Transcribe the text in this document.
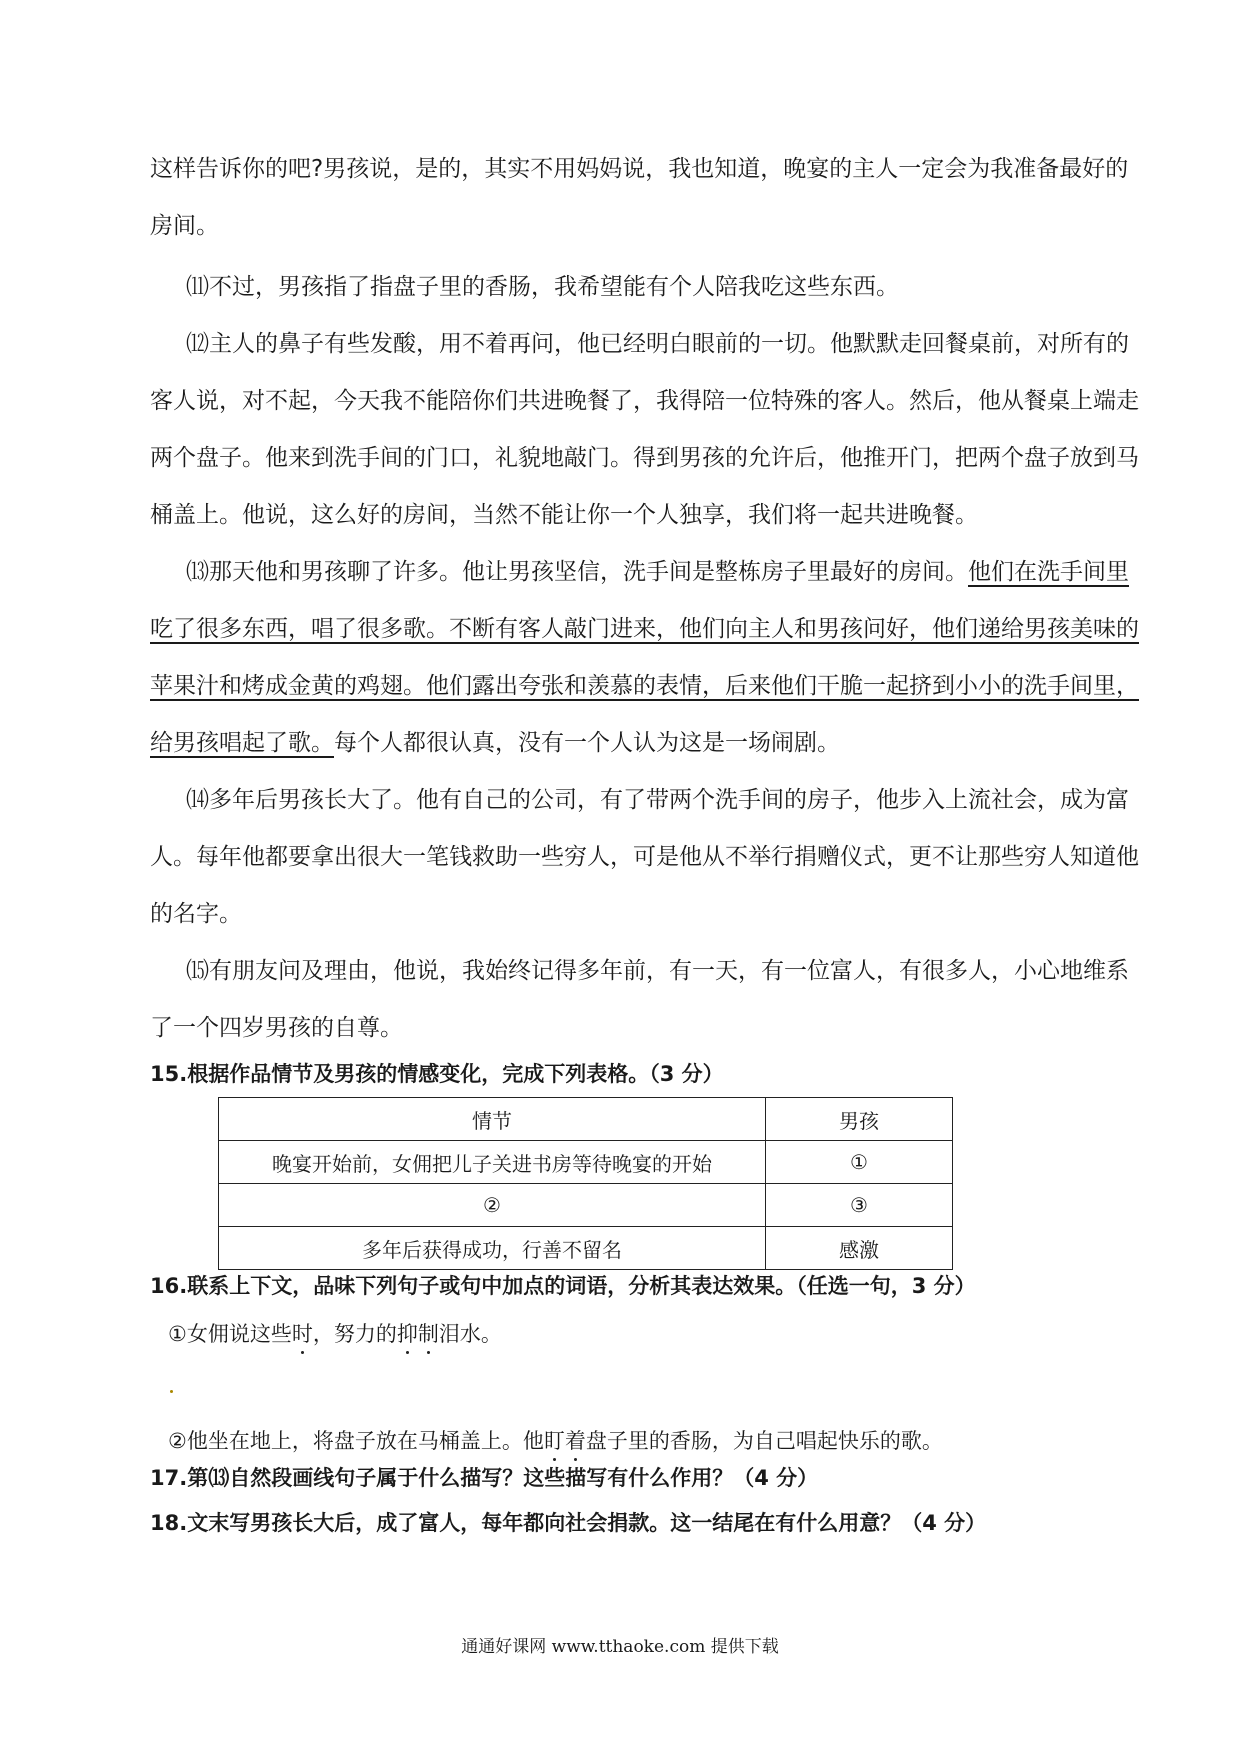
这样告诉你的吧?男孩说，是的，其实不用妈妈说，我也知道，晚宴的主人一定会为我准备最好的
房间。
⑾不过，男孩指了指盘子里的香肠，我希望能有个人陪我吃这些东西。
⑿主人的鼻子有些发酸，用不着再问，他已经明白眼前的一切。他默默走回餐桌前，对所有的
客人说，对不起，今天我不能陪你们共进晚餐了，我得陪一位特殊的客人。然后，他从餐桌上端走
两个盘子。他来到洗手间的门口，礼貌地敲门。得到男孩的允许后，他推开门，把两个盘子放到马
桶盖上。他说，这么好的房间，当然不能让你一个人独享，我们将一起共进晚餐。
⒀那天他和男孩聊了许多。他让男孩坚信，洗手间是整栋房子里最好的房间。他们在洗手间里
吃了很多东西，唱了很多歌。不断有客人敲门进来，他们向主人和男孩问好，他们递给男孩美味的
苹果汁和烤成金黄的鸡翅。他们露出夸张和羡慕的表情，后来他们干脆一起挤到小小的洗手间里，
给男孩唱起了歌。每个人都很认真，没有一个人认为这是一场闹剧。
⒁多年后男孩长大了。他有自己的公司，有了带两个洗手间的房子，他步入上流社会，成为富
人。每年他都要拿出很大一笔钱救助一些穷人，可是他从不举行捐赠仪式，更不让那些穷人知道他
的名字。
⒂有朋友问及理由，他说，我始终记得多年前，有一天，有一位富人，有很多人，小心地维系
了一个四岁男孩的自尊。

15.根据作品情节及男孩的情感变化，完成下列表格。（3 分）

情节	男孩
晚宴开始前，女佣把儿子关进书房等待晚宴的开始	①
②	③
多年后获得成功，行善不留名	感激

16.联系上下文，品味下列句子或句中加点的词语，分析其表达效果。（任选一句，3 分）

①女佣说这些时，努力的抑制泪水。

②他坐在地上，将盘子放在马桶盖上。他盯着盘子里的香肠，为自己唱起快乐的歌。

17.第⒀自然段画线句子属于什么描写？这些描写有什么作用？（4 分）

18.文末写男孩长大后，成了富人，每年都向社会捐款。这一结尾在有什么用意？（4 分）

通通好课网 www.tthaoke.com 提供下载
